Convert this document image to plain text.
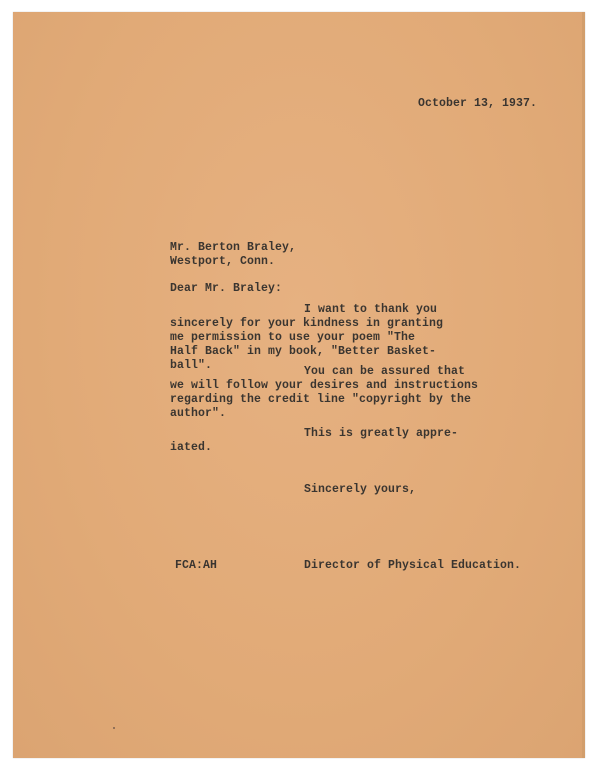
October 13, 1937.

Mr. Berton Braley,

Westport, Conn.

Dear Mr. Braley:

I want to thank you

sincerely for your kindness in granting

me permission to use your poem "The

Half Back" in my book, "Better Basket-

ball".	You can be assured that

we will follow your desires and instructions

regarding the credit line "copyright by the

author".

This is greatly appre-

iated.

Sincerely yours,

FCA:AH	Director of Physical Education.
